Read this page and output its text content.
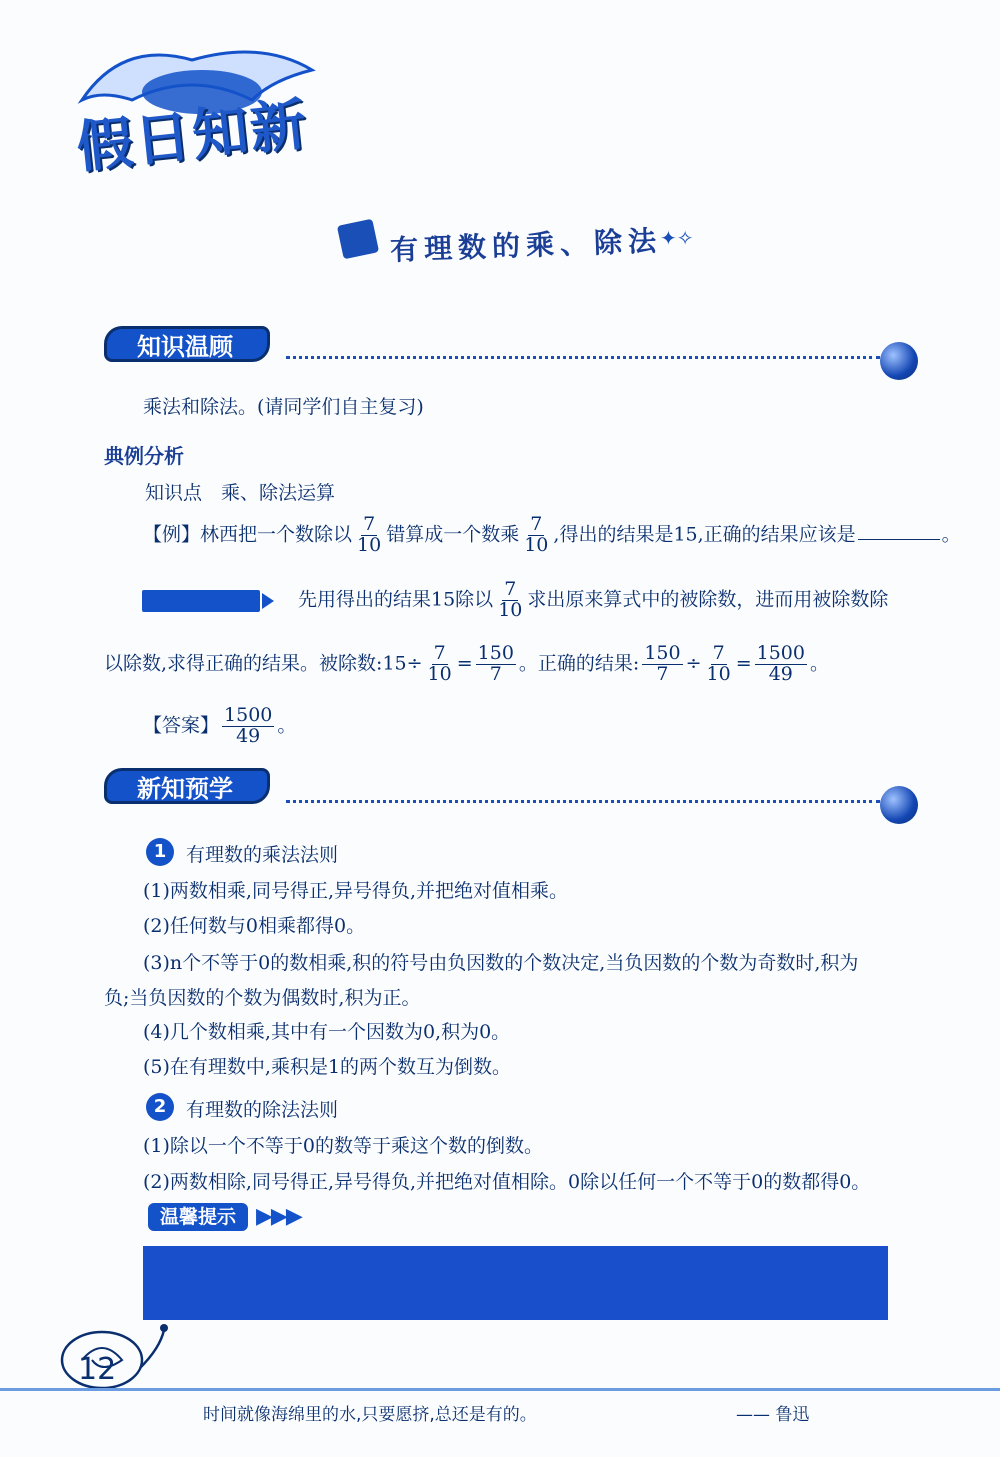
假日知新
有理数的乘、除法
✦✧
知识温顾
乘法和除法。(请同学们自主复习)
典例分析
知识点　乘、除法运算
【例】林西把一个数除以 $\frac{7}{10}$ 错算成一个数乘 $\frac{7}{10}$ ,得出的结果是15,正确的结果应该是	。
先用得出的结果15除以 $\frac{7}{10}$ 求出原来算式中的被除数，进而用被除数除
以除数,求得正确的结果。被除数:15÷ $\frac{7}{10} = \frac{150}{7}$ 。正确的结果: $\frac{150}{7} \div \frac{7}{10} = \frac{1500}{49}$ 。
【答案】 $\frac{1500}{49}$ 。
新知预学
1	有理数的乘法法则
(1)两数相乘,同号得正,异号得负,并把绝对值相乘。
(2)任何数与0相乘都得0。
(3)n个不等于0的数相乘,积的符号由负因数的个数决定,当负因数的个数为奇数时,积为
负;当负因数的个数为偶数时,积为正。
(4)几个数相乘,其中有一个因数为0,积为0。
(5)在有理数中,乘积是1的两个数互为倒数。
2	有理数的除法法则
(1)除以一个不等于0的数等于乘这个数的倒数。
(2)两数相除,同号得正,异号得负,并把绝对值相除。0除以任何一个不等于0的数都得0。
温馨提示 ▶▶▶
12
时间就像海绵里的水,只要愿挤,总还是有的。	—— 鲁迅
